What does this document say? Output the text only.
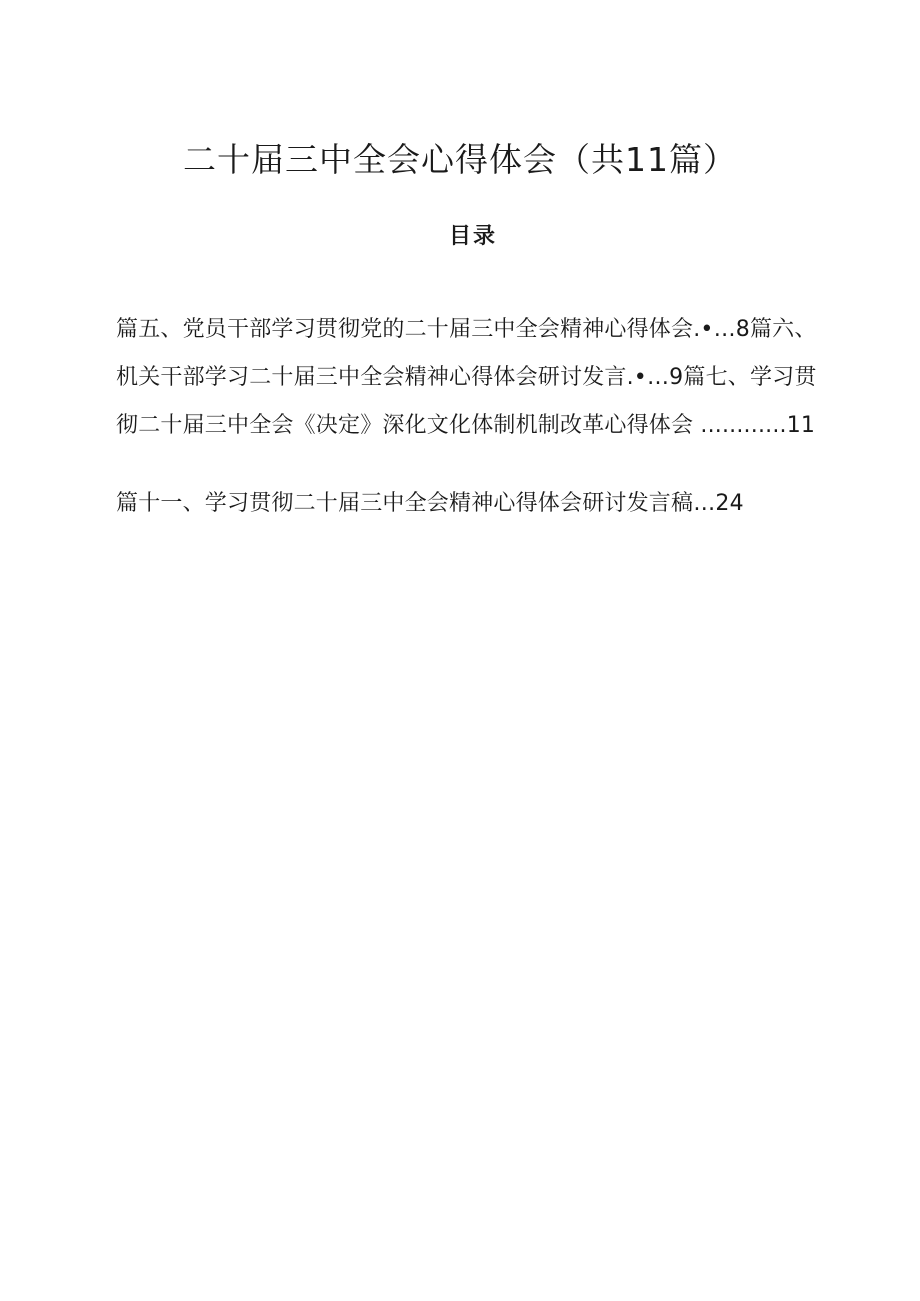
二十届三中全会心得体会（共11篇）
目录

篇五、党员干部学习贯彻党的二十届三中全会精神心得体会.•…8篇六、
机关干部学习二十届三中全会精神心得体会研讨发言.•…9篇七、学习贯
彻二十届三中全会《决定》深化文化体制机制改革心得体会 ............11

篇十一、学习贯彻二十届三中全会精神心得体会研讨发言稿…24
